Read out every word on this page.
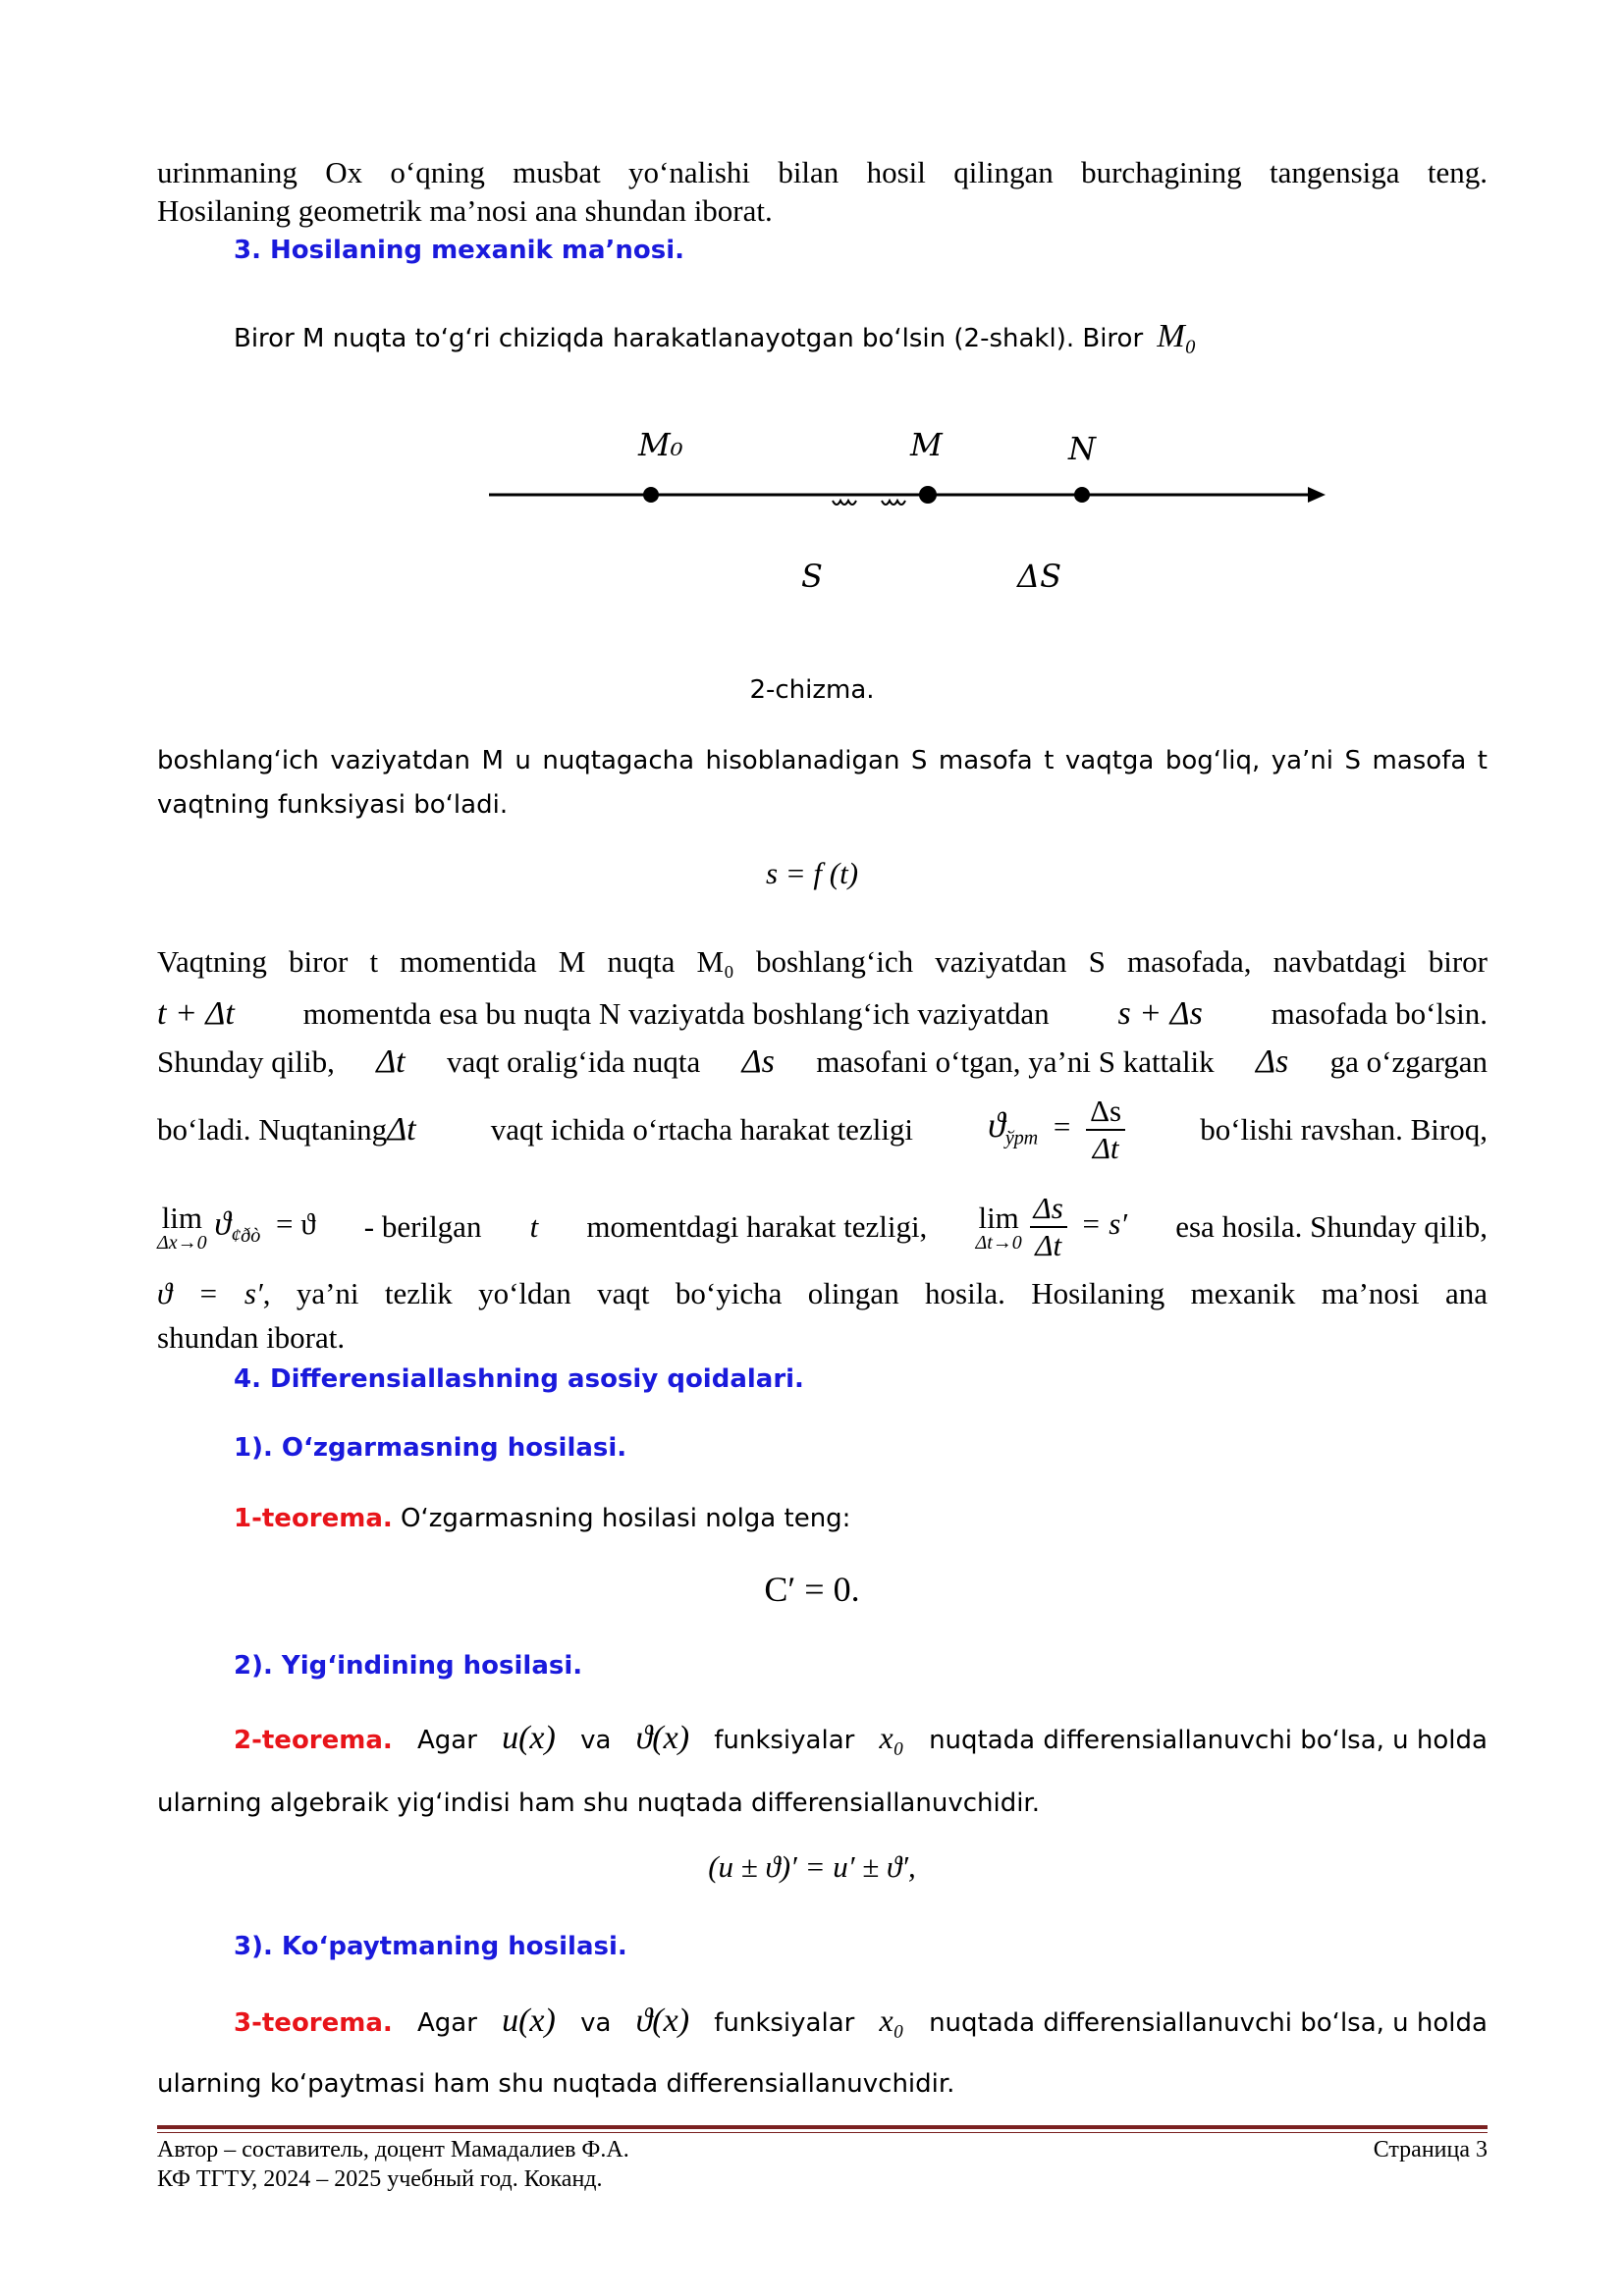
urinmaning Ox o‘qning musbat yo‘nalishi bilan hosil qilingan burchagining tangensiga teng.
Hosilaning geometrik ma’nosi ana shundan iborat.
3. Hosilaning mexanik ma’nosi.
Biror M nuqta to‘g‘ri chiziqda harakatlanayotgan bo‘lsin (2-shakl). Biror M₀
M₀	M	N
S	ΔS
2-chizma.
boshlang‘ich vaziyatdan M u nuqtagacha hisoblanadigan S masofa t vaqtga bog‘liq, ya’ni S masofa t
vaqtning funksiyasi bo‘ladi.
s = f (t)
Vaqtning biror t momentida M nuqta M₀ boshlang‘ich vaziyatdan S masofada, navbatdagi biror
t + Δt momentda esa bu nuqta N vaziyatda boshlang‘ich vaziyatdan s + Δs masofada bo‘lsin.
Shunday qilib, Δt vaqt oralig‘ida nuqta Δs masofani o‘tgan, ya’ni S kattalik Δs ga o‘zgargan
bo‘ladi. NuqtaningΔt vaqt ichida o‘rtacha harakat tezligi $ϑ_{ўрт} = \frac{\Delta s}{\Delta t}$ bo‘lishi ravshan. Biroq,
lim
Δx→0
$ϑ_{¢ðò} = ϑ$ - berilgan t momentdagi harakat tezligi, lim
Δt→0
$\frac{\Delta s}{\Delta t} = s'$ esa hosila. Shunday qilib,
ϑ = s′, ya’ni tezlik yo‘ldan vaqt bo‘yicha olingan hosila. Hosilaning mexanik ma’nosi ana
shundan iborat.
4. Differensiallashning asosiy qoidalari.
1). O‘zgarmasning hosilasi.
1-teorema. O‘zgarmasning hosilasi nolga teng:
C′ = 0.
2). Yig‘indining hosilasi.
2-teorema. Agar u(x) va ϑ(x) funksiyalar x₀ nuqtada differensiallanuvchi bo‘lsa, u holda
ularning algebraik yig‘indisi ham shu nuqtada differensiallanuvchidir.
(u ± ϑ)′ = u′ ± ϑ′,
3). Ko‘paytmaning hosilasi.
3-teorema. Agar u(x) va ϑ(x) funksiyalar x₀ nuqtada differensiallanuvchi bo‘lsa, u holda
ularning ko‘paytmasi ham shu nuqtada differensiallanuvchidir.
Автор – составитель, доцент Мамадалиев Ф.А.	Страница 3
КФ ТГТУ, 2024 – 2025 учебный год. Коканд.
